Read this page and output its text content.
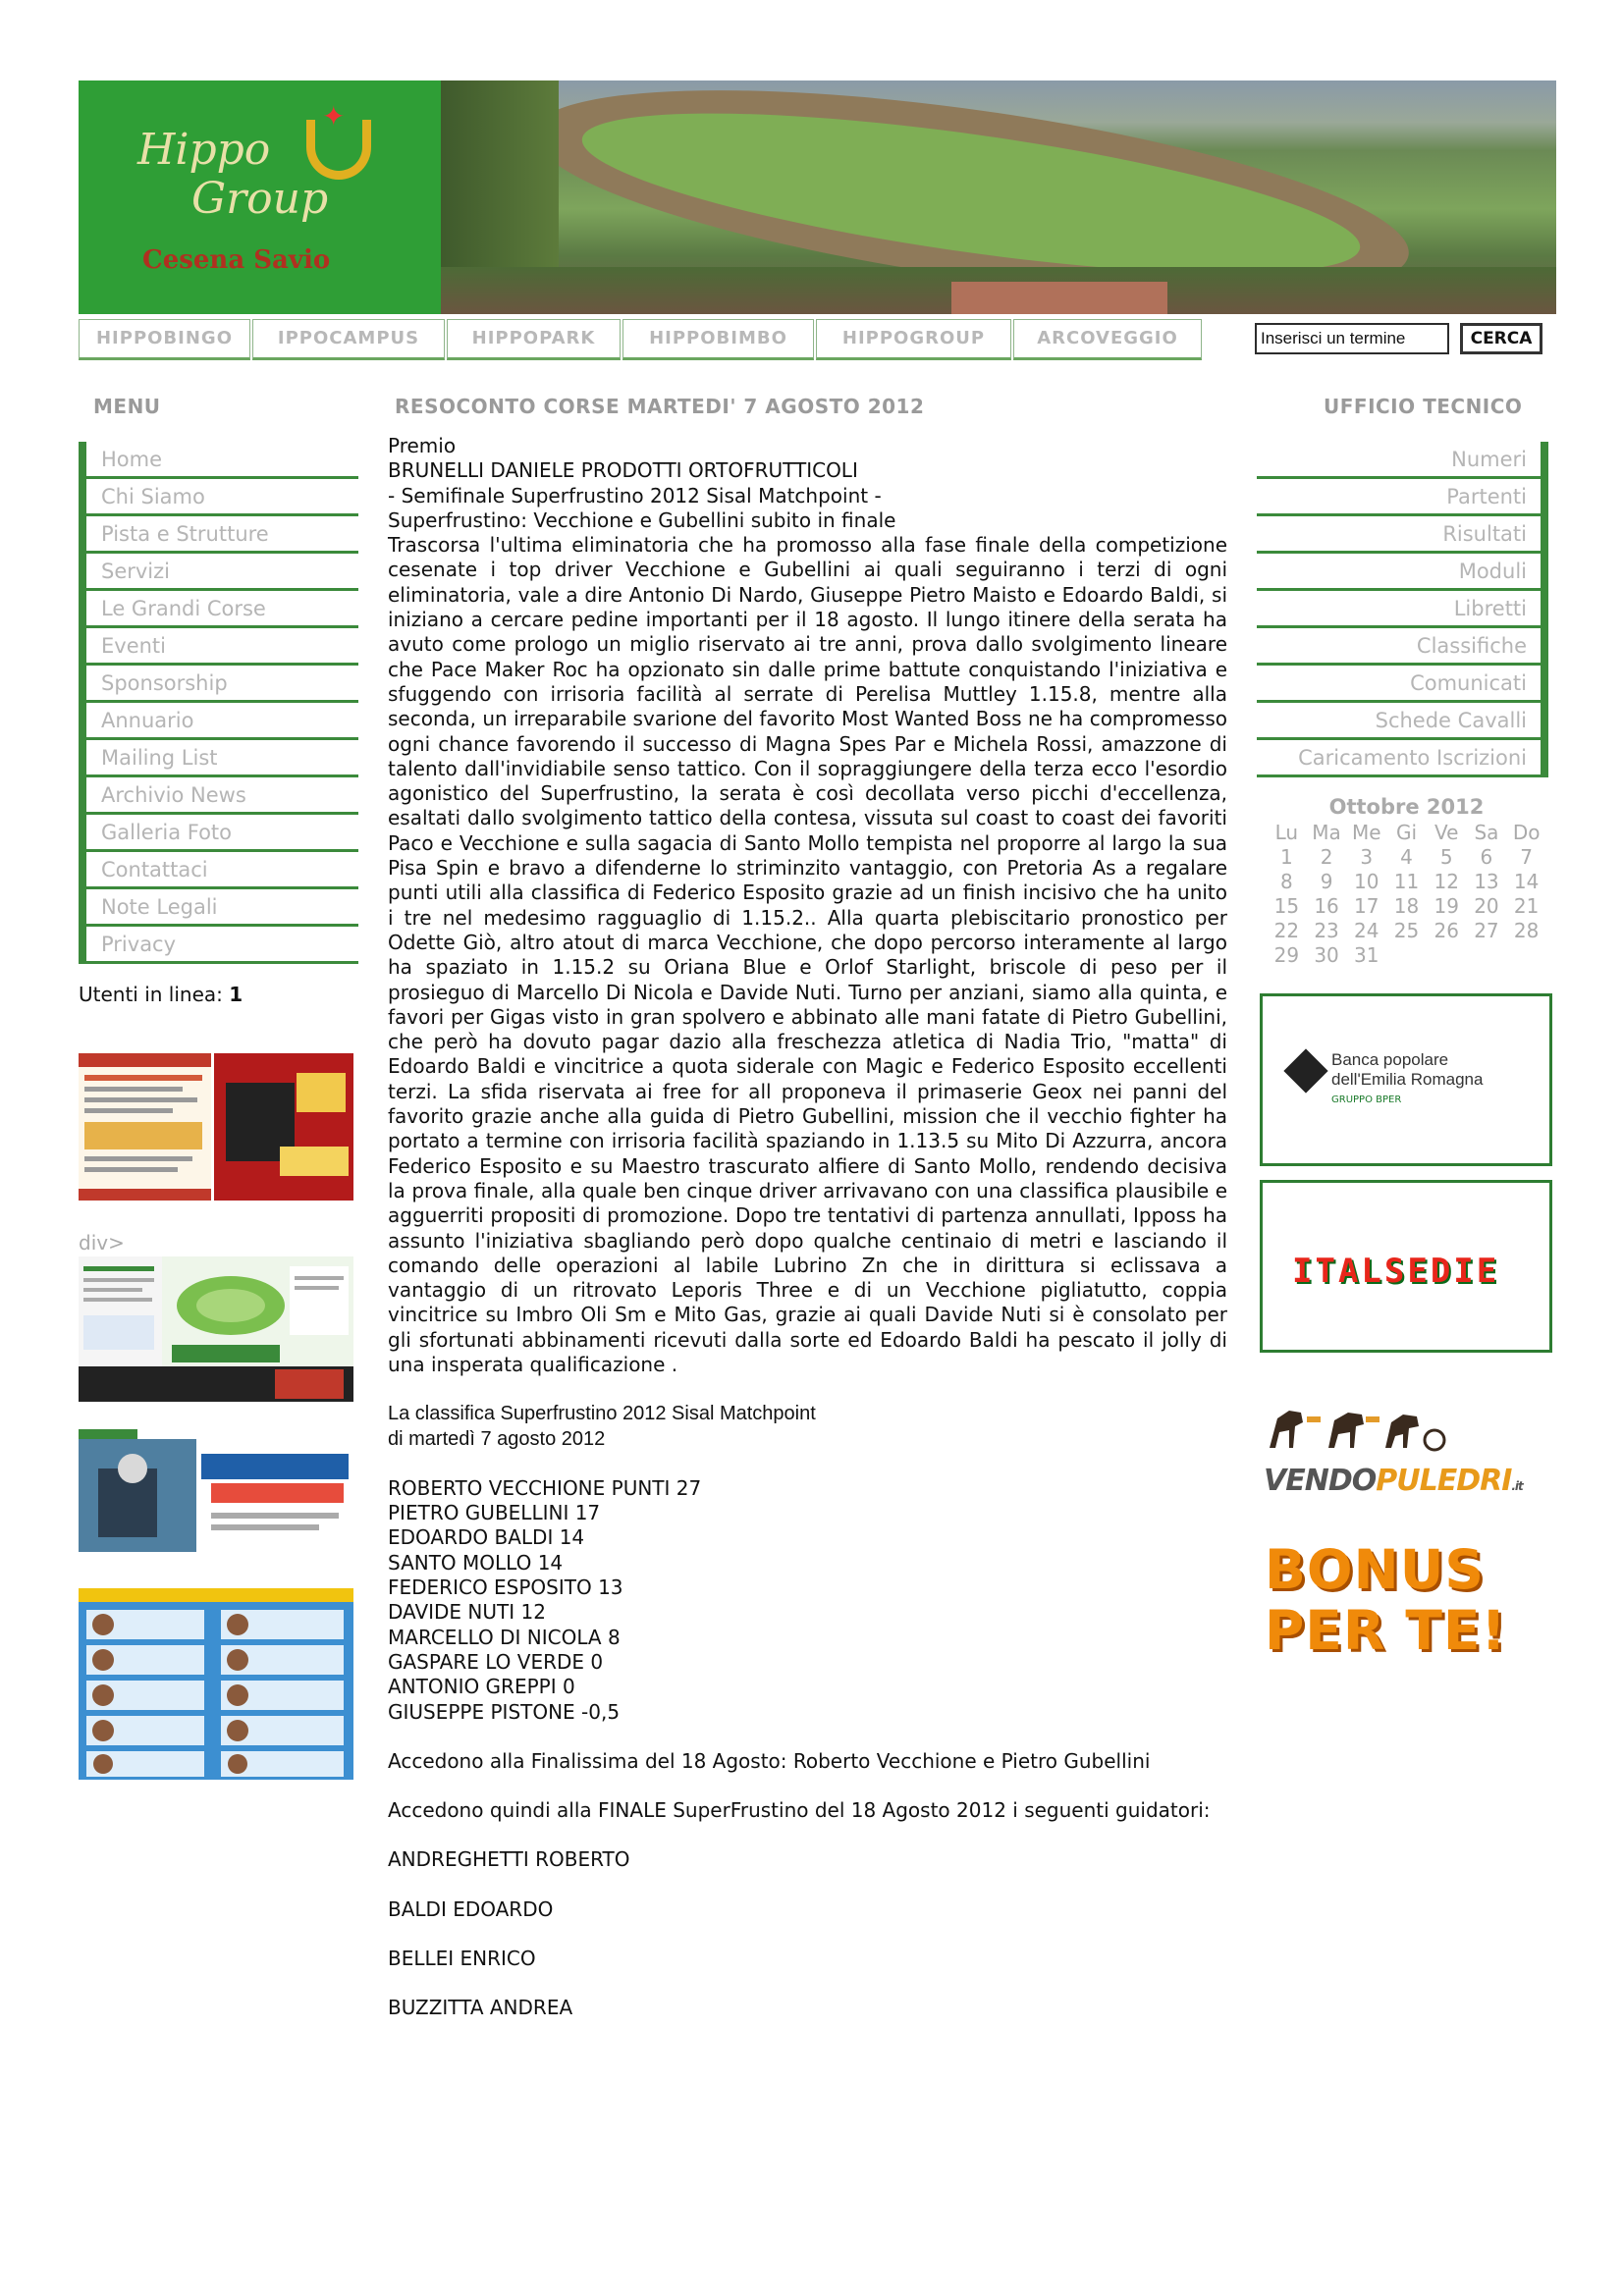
✦
Hippo
Group
Cesena Savio
HIPPOBINGO	IPPOCAMPUS	HIPPOPARK	HIPPOBIMBO	HIPPOGROUP	ARCOVEGGIO	Inserisci un termine	CERCA
MENU	RESOCONTO CORSE MARTEDI' 7 AGOSTO 2012	UFFICIO TECNICO
Home
Chi Siamo
Pista e Strutture
Servizi
Le Grandi Corse
Eventi
Sponsorship
Annuario
Mailing List
Archivio News
Galleria Foto
Contattaci
Note Legali
Privacy
Utenti in linea: 1
div>
Premio
BRUNELLI DANIELE PRODOTTI ORTOFRUTTICOLI
- Semifinale Superfrustino 2012 Sisal Matchpoint -
Superfrustino: Vecchione e Gubellini subito in finale
Trascorsa l'ultima eliminatoria che ha promosso alla fase finale della competizione cesenate i top driver Vecchione e Gubellini ai quali seguiranno i terzi di ogni eliminatoria, vale a dire Antonio Di Nardo, Giuseppe Pietro Maisto e Edoardo Baldi, si iniziano a cercare pedine importanti per il 18 agosto. Il lungo itinere della serata ha avuto come prologo un miglio riservato ai tre anni, prova dallo svolgimento lineare che Pace Maker Roc ha opzionato sin dalle prime battute conquistando l'iniziativa e sfuggendo con irrisoria facilità al serrate di Perelisa Muttley 1.15.8, mentre alla seconda, un irreparabile svarione del favorito Most Wanted Boss ne ha compromesso ogni chance favorendo il successo di Magna Spes Par e Michela Rossi, amazzone di talento dall'invidiabile senso tattico. Con il sopraggiungere della terza ecco l'esordio agonistico del Superfrustino, la serata è così decollata verso picchi d'eccellenza, esaltati dallo svolgimento tattico della contesa, vissuta sul coast to coast dei favoriti Paco e Vecchione e sulla sagacia di Santo Mollo tempista nel proporre al largo la sua Pisa Spin e bravo a difenderne lo striminzito vantaggio, con Pretoria As a regalare punti utili alla classifica di Federico Esposito grazie ad un finish incisivo che ha unito i tre nel medesimo ragguaglio di 1.15.2.. Alla quarta plebiscitario pronostico per Odette Giò, altro atout di marca Vecchione, che dopo percorso interamente al largo ha spaziato in 1.15.2 su Oriana Blue e Orlof Starlight, briscole di peso per il prosieguo di Marcello Di Nicola e Davide Nuti. Turno per anziani, siamo alla quinta, e favori per Gigas visto in gran spolvero e abbinato alle mani fatate di Pietro Gubellini, che però ha dovuto pagar dazio alla freschezza atletica di Nadia Trio, "matta" di Edoardo Baldi e vincitrice a quota siderale con Magic e Federico Esposito eccellenti terzi. La sfida riservata ai free for all proponeva il primaserie Geox nei panni del favorito grazie anche alla guida di Pietro Gubellini, mission che il vecchio fighter ha portato a termine con irrisoria facilità spaziando in 1.13.5 su Mito Di Azzurra, ancora Federico Esposito e su Maestro trascurato alfiere di Santo Mollo, rendendo decisiva la prova finale, alla quale ben cinque driver arrivavano con una classifica plausibile e agguerriti propositi di promozione. Dopo tre tentativi di partenza annullati, Ipposs ha assunto l'iniziativa sbagliando però dopo qualche centinaio di metri e lasciando il comando delle operazioni al labile Lubrino Zn che in dirittura si eclissava a vantaggio di un ritrovato Leporis Three e di un Vecchione pigliatutto, coppia vincitrice su Imbro Oli Sm e Mito Gas, grazie ai quali Davide Nuti si è consolato per gli sfortunati abbinamenti ricevuti dalla sorte ed Edoardo Baldi ha pescato il jolly di una insperata qualificazione .
La classifica Superfrustino 2012 Sisal Matchpoint
di martedì 7 agosto 2012
ROBERTO VECCHIONE PUNTI 27
PIETRO GUBELLINI 17
EDOARDO BALDI 14
SANTO MOLLO 14
FEDERICO ESPOSITO 13
DAVIDE NUTI 12
MARCELLO DI NICOLA 8
GASPARE LO VERDE 0
ANTONIO GREPPI 0
GIUSEPPE PISTONE -0,5
Accedono alla Finalissima del 18 Agosto: Roberto Vecchione e Pietro Gubellini
Accedono quindi alla FINALE SuperFrustino del 18 Agosto 2012 i seguenti guidatori:
ANDREGHETTI ROBERTO
BALDI EDOARDO
BELLEI ENRICO
BUZZITTA ANDREA
Numeri
Partenti
Risultati
Moduli
Libretti
Classifiche
Comunicati
Schede Cavalli
Caricamento Iscrizioni
Ottobre 2012
Lu Ma Me Gi Ve Sa Do
1	2	3	4	5	6	7
8	9	10 11 12 13 14
15 16 17 18 19 20 21
22 23 24 25 26 27 28
29 30 31
Banca popolare
dell'Emilia Romagna
GRUPPO BPER
ITALSEDIE
VENDOPULEDRI.it
BONUS
PER TE!
